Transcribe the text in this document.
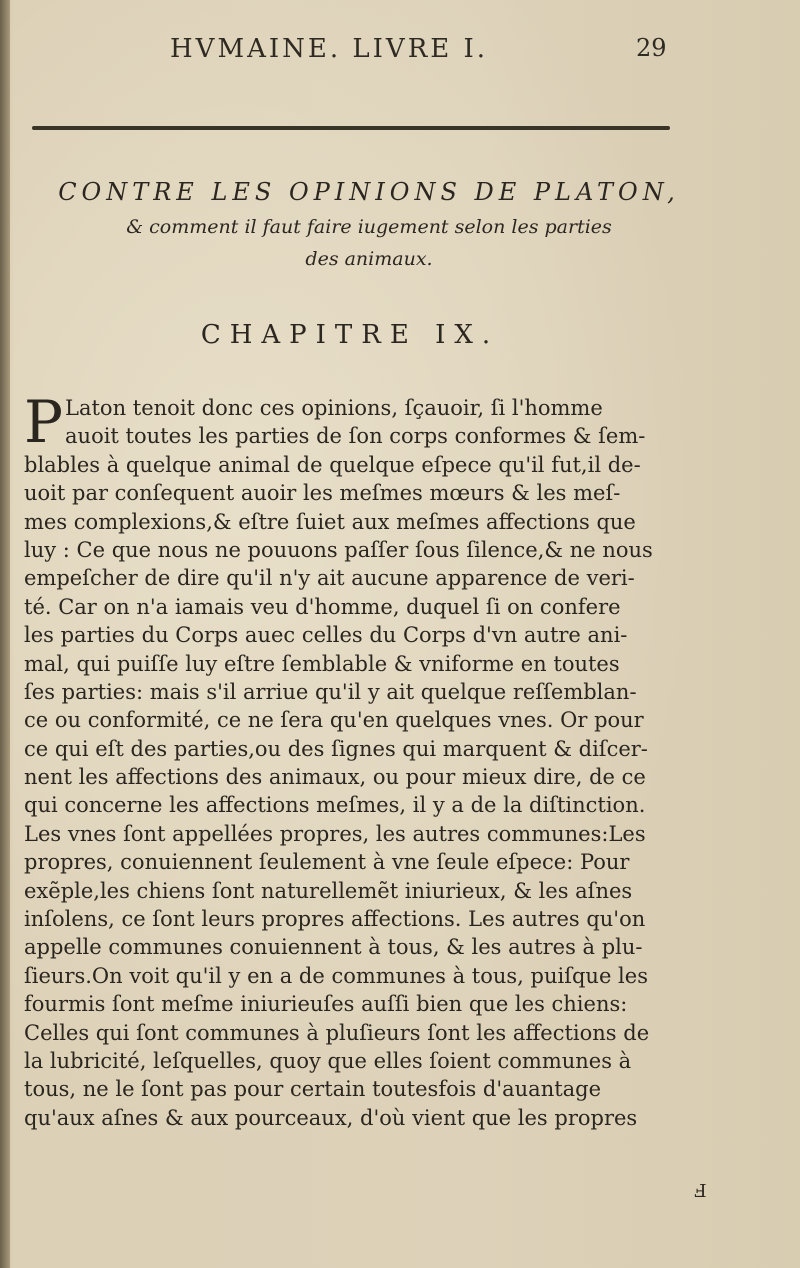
HVMAINE. LIVRE I.	29
CONTRE LES OPINIONS DE PLATON,
& comment il faut faire iugement selon les parties
des animaux.
CHAPITRE IX.
P Laton tenoit donc ces opinions, ſçauoir, ſi l'homme
auoit toutes les parties de ſon corps conformes & ſem-
blables à quelque animal de quelque eſpece qu'il fut,il de-
uoit par conſequent auoir les meſmes mœurs & les meſ-
mes complexions,& eſtre ſuiet aux meſmes affections que
luy : Ce que nous ne pouuons paſſer ſous ſilence,& ne nous
empeſcher de dire qu'il n'y ait aucune apparence de veri-
té. Car on n'a iamais veu d'homme, duquel ſi on confere
les parties du Corps auec celles du Corps d'vn autre ani-
mal, qui puiſſe luy eſtre ſemblable & vniforme en toutes
ſes parties: mais s'il arriue qu'il y ait quelque reſſemblan-
ce ou conformité, ce ne ſera qu'en quelques vnes. Or pour
ce qui eſt des parties,ou des ſignes qui marquent & diſcer-
nent les affections des animaux, ou pour mieux dire, de ce
qui concerne les affections meſmes, il y a de la diſtinction.
Les vnes ſont appellées propres, les autres communes:Les
propres, conuiennent ſeulement à vne ſeule eſpece: Pour
exẽple,les chiens ſont naturellemẽt iniurieux, & les aſnes
inſolens, ce ſont leurs propres affections. Les autres qu'on
appelle communes conuiennent à tous, & les autres à plu-
ſieurs.On voit qu'il y en a de communes à tous, puiſque les
fourmis ſont meſme iniurieuſes auſſi bien que les chiens:
Celles qui ſont communes à pluſieurs ſont les affections de
la lubricité, leſquelles, quoy que elles ſoient communes à
tous, ne le ſont pas pour certain toutesfois d'auantage
qu'aux aſnes & aux pourceaux, d'où vient que les propres
Ⅎ
